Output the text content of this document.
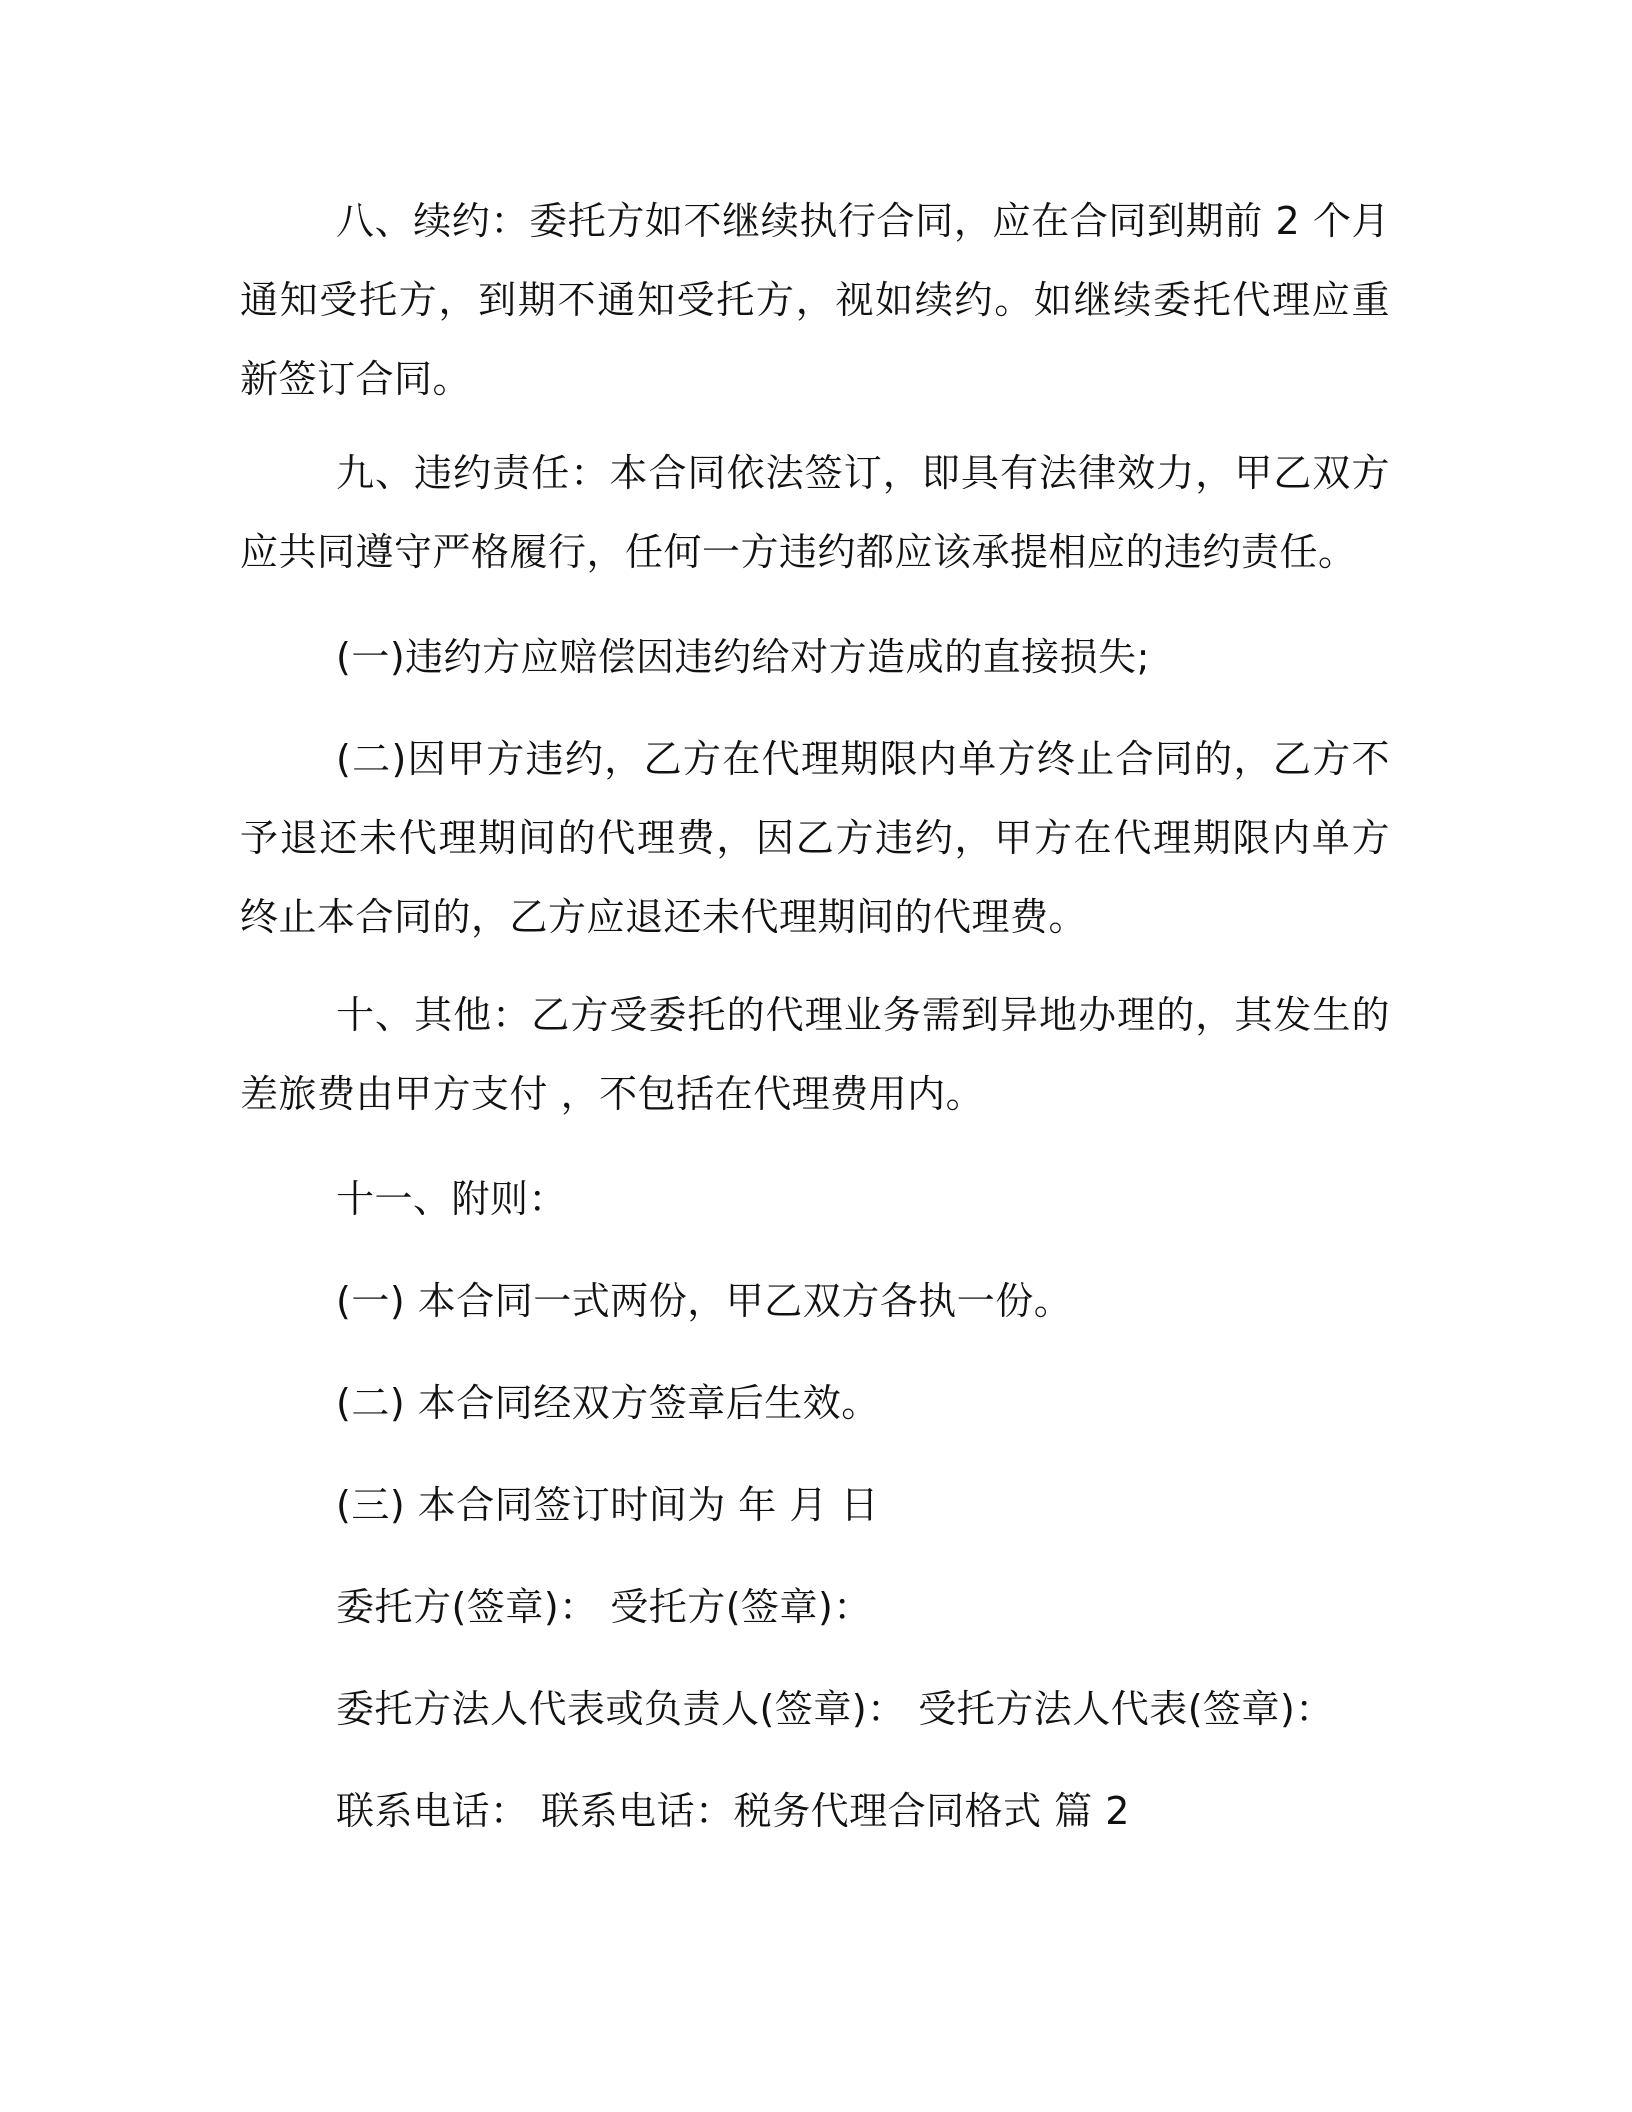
八、续约：委托方如不继续执行合同，应在合同到期前 2 个月通知受托方，到期不通知受托方，视如续约。如继续委托代理应重新签订合同。

九、违约责任：本合同依法签订，即具有法律效力，甲乙双方应共同遵守严格履行，任何一方违约都应该承提相应的违约责任。

(一)违约方应赔偿因违约给对方造成的直接损失;

(二)因甲方违约，乙方在代理期限内单方终止合同的，乙方不予退还未代理期间的代理费，因乙方违约，甲方在代理期限内单方终止本合同的，乙方应退还未代理期间的代理费。

十、其他：乙方受委托的代理业务需到异地办理的，其发生的差旅费由甲方支付 ，不包括在代理费用内。

十一、附则：

(一) 本合同一式两份，甲乙双方各执一份。

(二) 本合同经双方签章后生效。

(三) 本合同签订时间为 年 月 日

委托方(签章)： 受托方(签章)：

委托方法人代表或负责人(签章)： 受托方法人代表(签章)：

联系电话： 联系电话：税务代理合同格式 篇 2
